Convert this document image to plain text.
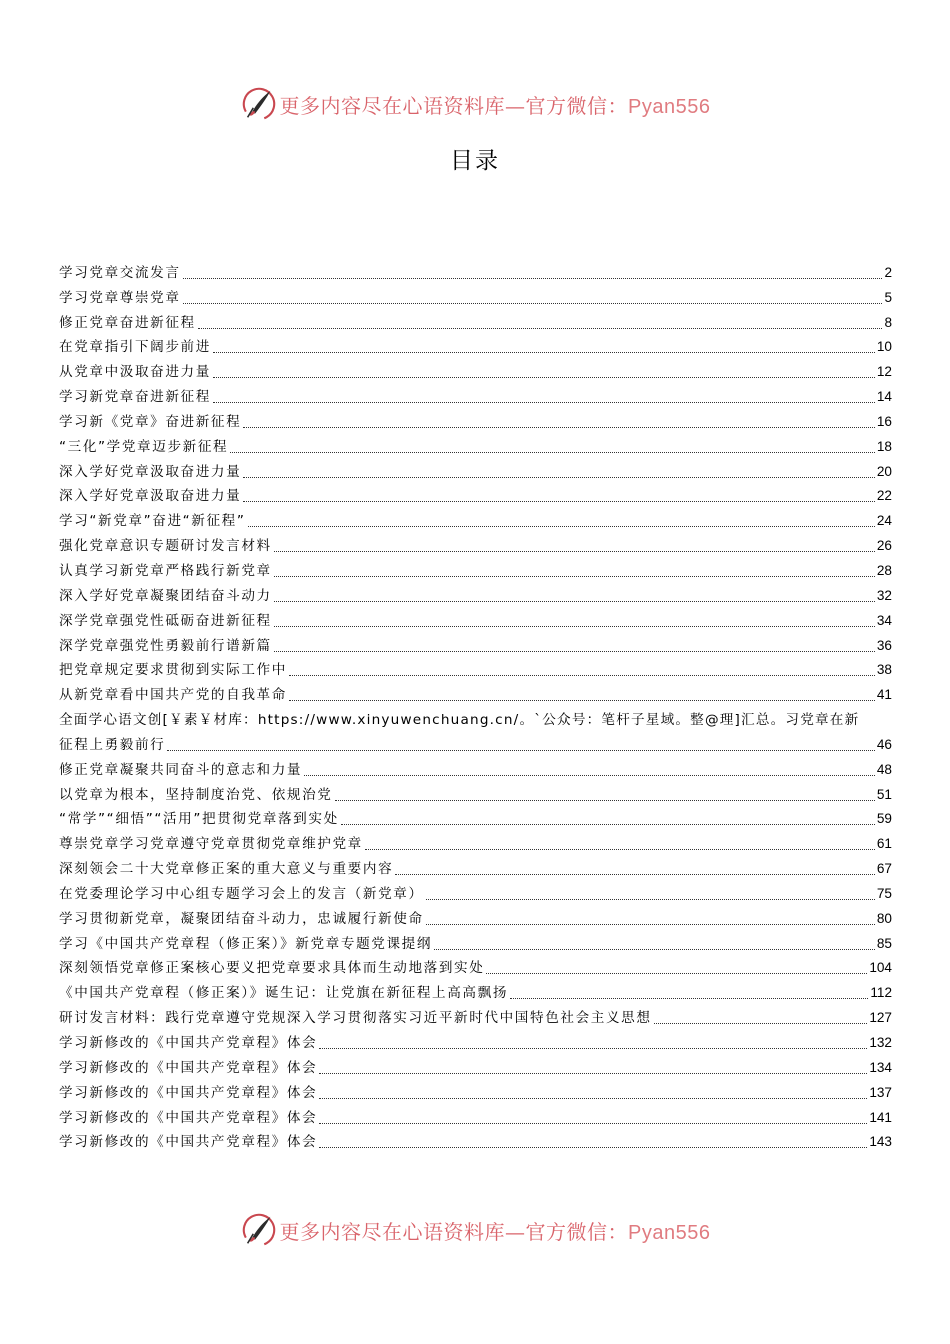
更多内容尽在心语资料库—官方微信：Pyan556
目录
学习党章交流发言	2
学习党章尊崇党章	5
修正党章奋进新征程	8
在党章指引下阔步前进	10
从党章中汲取奋进力量	12
学习新党章奋进新征程	14
学习新《党章》奋进新征程	16
“三化”学党章迈步新征程	18
深入学好党章汲取奋进力量	20
深入学好党章汲取奋进力量	22
学习“新党章”奋进“新征程”	24
强化党章意识专题研讨发言材料	26
认真学习新党章严格践行新党章	28
深入学好党章凝聚团结奋斗动力	32
深学党章强党性砥砺奋进新征程	34
深学党章强党性勇毅前行谱新篇	36
把党章规定要求贯彻到实际工作中	38
从新党章看中国共产党的自我革命	41
全面学心语文创[￥素￥材库：https://www.xinyuwenchuang.cn/。`公众号：笔杆子星域。整@理]汇总。习党章在新
征程上勇毅前行	46
修正党章凝聚共同奋斗的意志和力量	48
以党章为根本，坚持制度治党、依规治党	51
“常学”“细悟”“活用”把贯彻党章落到实处	59
尊崇党章学习党章遵守党章贯彻党章维护党章	61
深刻领会二十大党章修正案的重大意义与重要内容	67
在党委理论学习中心组专题学习会上的发言（新党章）	75
学习贯彻新党章，凝聚团结奋斗动力，忠诚履行新使命	80
学习《中国共产党章程（修正案）》新党章专题党课提纲	85
深刻领悟党章修正案核心要义把党章要求具体而生动地落到实处	104
《中国共产党章程（修正案）》诞生记：让党旗在新征程上高高飘扬	112
研讨发言材料：践行党章遵守党规深入学习贯彻落实习近平新时代中国特色社会主义思想	127
学习新修改的《中国共产党章程》体会	132
学习新修改的《中国共产党章程》体会	134
学习新修改的《中国共产党章程》体会	137
学习新修改的《中国共产党章程》体会	141
学习新修改的《中国共产党章程》体会	143
更多内容尽在心语资料库—官方微信：Pyan556
